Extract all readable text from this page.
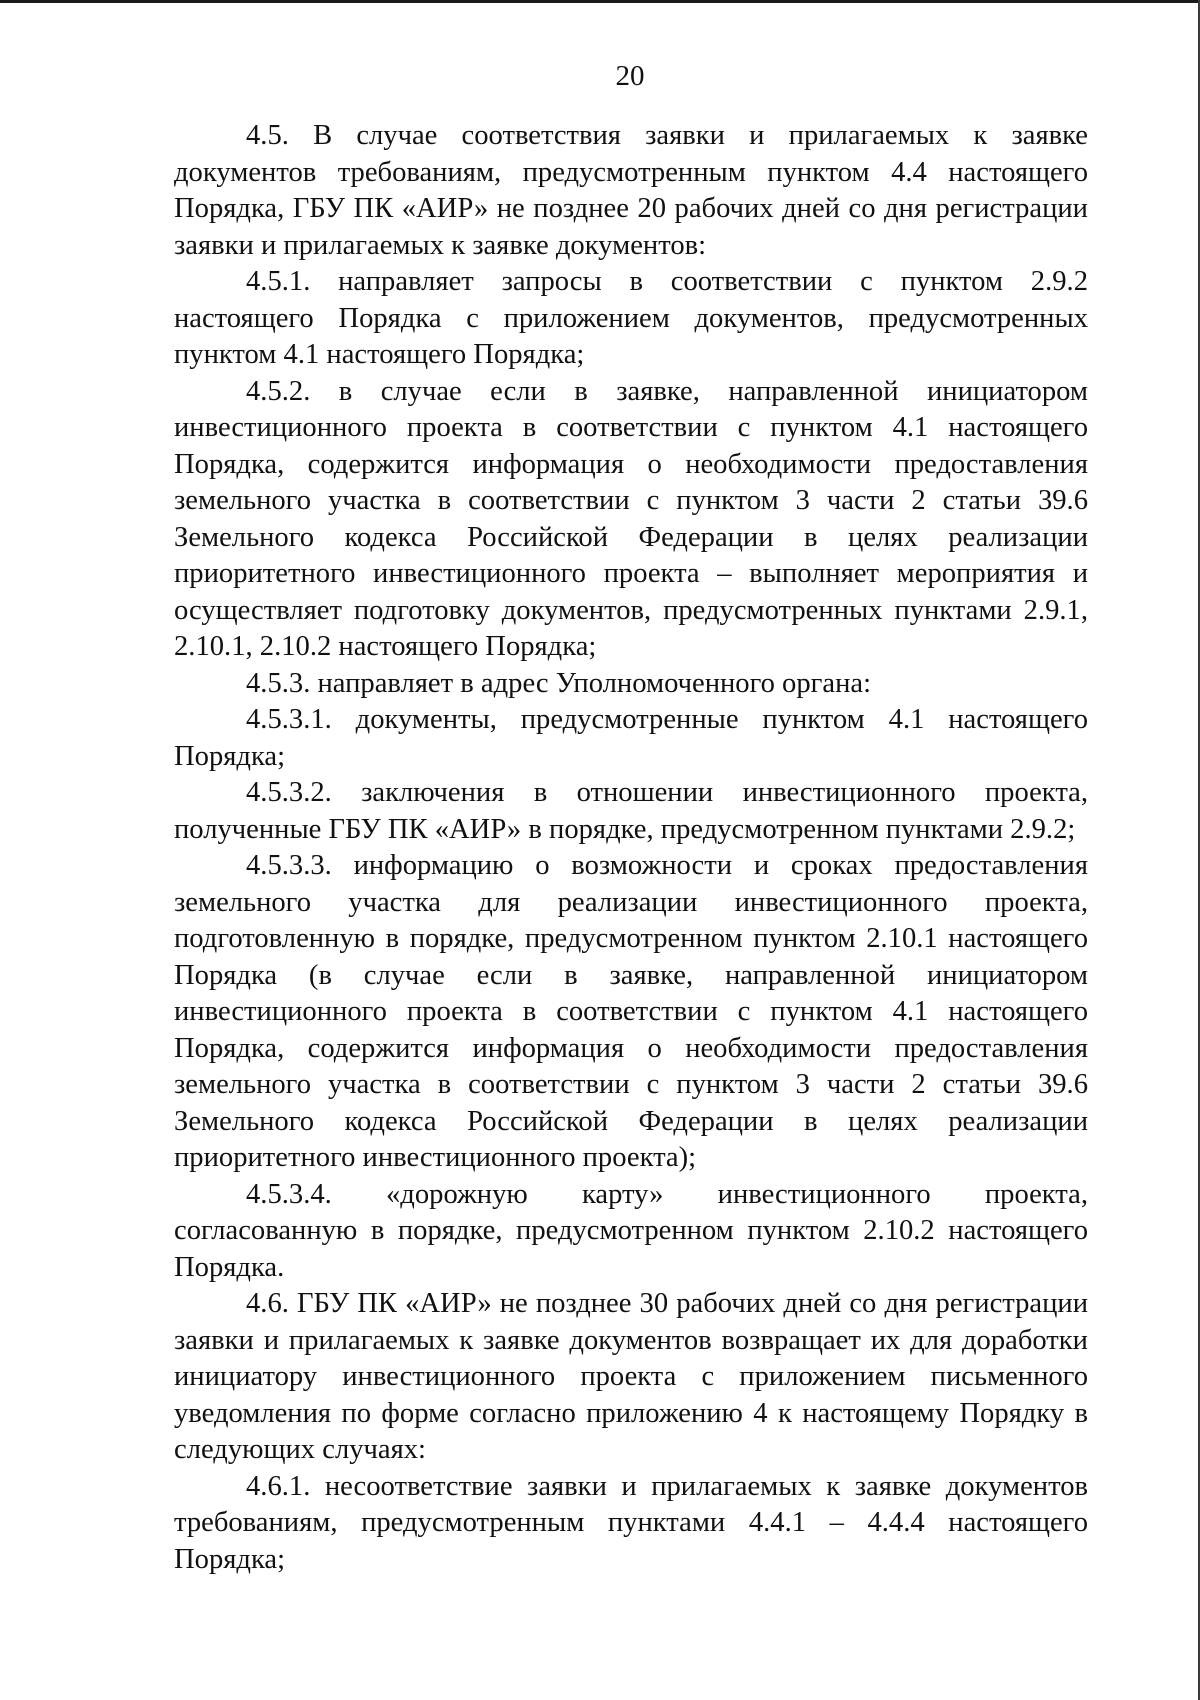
20

4.5. В случае соответствия заявки и прилагаемых к заявке документов требованиям, предусмотренным пунктом 4.4 настоящего Порядка, ГБУ ПК «АИР» не позднее 20 рабочих дней со дня регистрации заявки и прилагаемых к заявке документов:

4.5.1. направляет запросы в соответствии с пунктом 2.9.2 настоящего Порядка с приложением документов, предусмотренных пунктом 4.1 настоящего Порядка;

4.5.2. в случае если в заявке, направленной инициатором инвестиционного проекта в соответствии с пунктом 4.1 настоящего Порядка, содержится информация о необходимости предоставления земельного участка в соответствии с пунктом 3 части 2 статьи 39.6 Земельного кодекса Российской Федерации в целях реализации приоритетного инвестиционного проекта – выполняет мероприятия и осуществляет подготовку документов, предусмотренных пунктами 2.9.1, 2.10.1, 2.10.2 настоящего Порядка;

4.5.3. направляет в адрес Уполномоченного органа:

4.5.3.1. документы, предусмотренные пунктом 4.1 настоящего Порядка;

4.5.3.2. заключения в отношении инвестиционного проекта, полученные ГБУ ПК «АИР» в порядке, предусмотренном пунктами 2.9.2;

4.5.3.3. информацию о возможности и сроках предоставления земельного участка для реализации инвестиционного проекта, подготовленную в порядке, предусмотренном пунктом 2.10.1 настоящего Порядка (в случае если в заявке, направленной инициатором инвестиционного проекта в соответствии с пунктом 4.1 настоящего Порядка, содержится информация о необходимости предоставления земельного участка в соответствии с пунктом 3 части 2 статьи 39.6 Земельного кодекса Российской Федерации в целях реализации приоритетного инвестиционного проекта);

4.5.3.4. «дорожную карту» инвестиционного проекта, согласованную в порядке, предусмотренном пунктом 2.10.2 настоящего Порядка.

4.6. ГБУ ПК «АИР» не позднее 30 рабочих дней со дня регистрации заявки и прилагаемых к заявке документов возвращает их для доработки инициатору инвестиционного проекта с приложением письменного уведомления по форме согласно приложению 4 к настоящему Порядку в следующих случаях:

4.6.1. несоответствие заявки и прилагаемых к заявке документов требованиям, предусмотренным пунктами 4.4.1 – 4.4.4 настоящего Порядка;
